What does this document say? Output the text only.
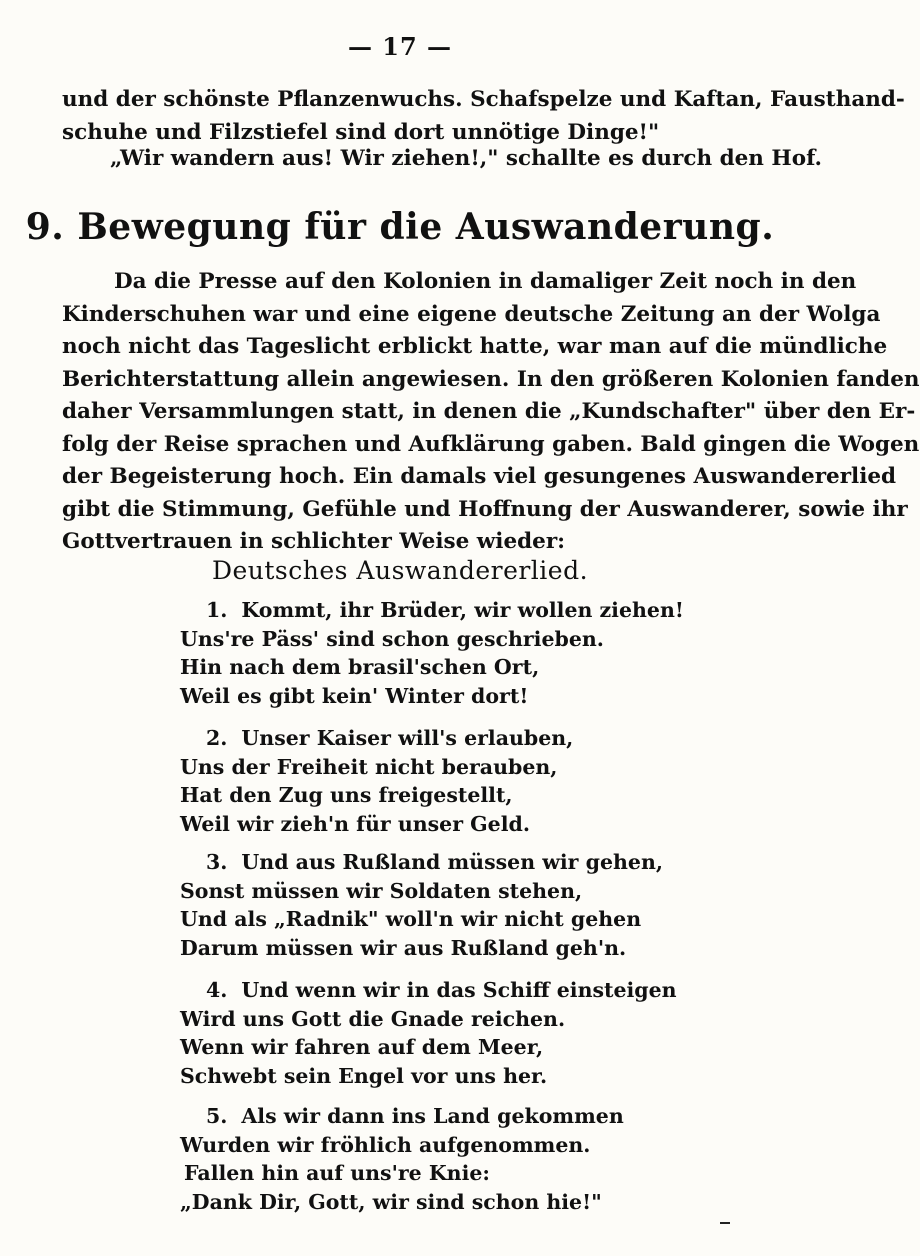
— 17 —
und der schönste Pflanzenwuchs. Schafspelze und Kaftan, Fausthand-
schuhe und Filzstiefel sind dort unnötige Dinge!"
„Wir wandern aus! Wir ziehen!," schallte es durch den Hof.
9. Bewegung für die Auswanderung.
Da die Presse auf den Kolonien in damaliger Zeit noch in den
Kinderschuhen war und eine eigene deutsche Zeitung an der Wolga
noch nicht das Tageslicht erblickt hatte, war man auf die mündliche
Berichterstattung allein angewiesen. In den größeren Kolonien fanden
daher Versammlungen statt, in denen die „Kundschafter" über den Er-
folg der Reise sprachen und Aufklärung gaben. Bald gingen die Wogen
der Begeisterung hoch. Ein damals viel gesungenes Auswandererlied
gibt die Stimmung, Gefühle und Hoffnung der Auswanderer, sowie ihr
Gottvertrauen in schlichter Weise wieder:
Deutsches Auswandererlied.
1. Kommt, ihr Brüder, wir wollen ziehen!
Uns're Päss' sind schon geschrieben.
Hin nach dem brasil'schen Ort,
Weil es gibt kein' Winter dort!
2. Unser Kaiser will's erlauben,
Uns der Freiheit nicht berauben,
Hat den Zug uns freigestellt,
Weil wir zieh'n für unser Geld.
3. Und aus Rußland müssen wir gehen,
Sonst müssen wir Soldaten stehen,
Und als „Radnik" woll'n wir nicht gehen
Darum müssen wir aus Rußland geh'n.
4. Und wenn wir in das Schiff einsteigen
Wird uns Gott die Gnade reichen.
Wenn wir fahren auf dem Meer,
Schwebt sein Engel vor uns her.
5. Als wir dann ins Land gekommen
Wurden wir fröhlich aufgenommen.
Fallen hin auf uns're Knie:
„Dank Dir, Gott, wir sind schon hie!"
